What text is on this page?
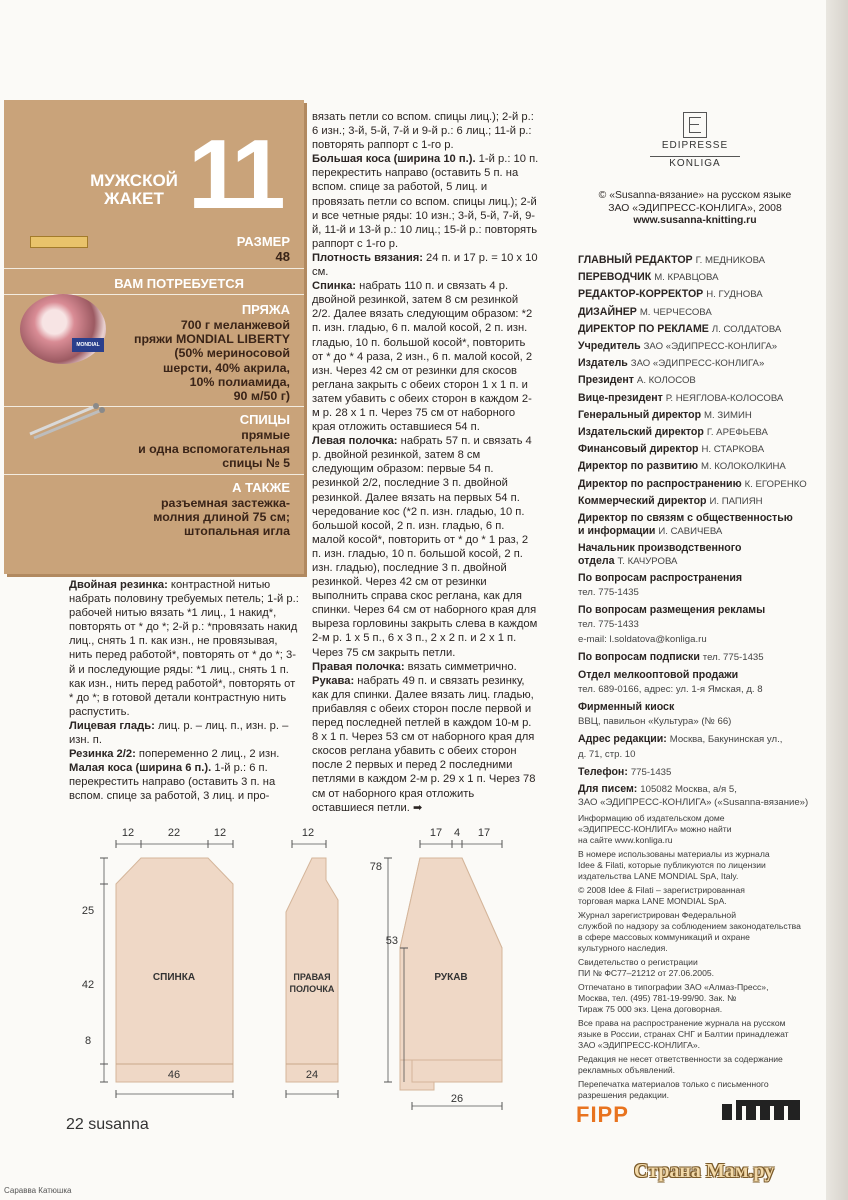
МУЖСКОЙ
ЖАКЕТ 11
РАЗМЕР
48
ВАМ ПОТРЕБУЕТСЯ
MONDIAL
ПРЯЖА
700 г меланжевой
пряжи MONDIAL LIBERTY
(50% мериносовой
шерсти, 40% акрила,
10% полиамида,
90 м/50 г)
СПИЦЫ
прямые
и одна вспомогательная
спицы № 5
А ТАКЖЕ
разъемная застежка-
молния длиной 75 см;
штопальная игла

Двойная резинка: контрастной нитью набрать половину требуемых петель; 1-й р.: рабочей нитью вязать *1 лиц., 1 накид*, повторять от * до *; 2-й р.: *провязать накид лиц., снять 1 п. как изн., не провязывая, нить перед работой*, повторять от * до *; 3-й и последующие ряды: *1 лиц., снять 1 п. как изн., нить перед работой*, повторять от * до *; в готовой детали контрастную нить распустить.

Лицевая гладь: лиц. р. – лиц. п., изн. р. – изн. п.

Резинка 2/2: попеременно 2 лиц., 2 изн.

Малая коса (ширина 6 п.). 1-й р.: 6 п. перекрестить направо (оставить 3 п. на вспом. спице за работой, 3 лиц. и про-

вязать петли со вспом. спицы лиц.); 2-й р.: 6 изн.; 3-й, 5-й, 7-й и 9-й р.: 6 лиц.; 11-й р.: повторять раппорт с 1-го р.

Большая коса (ширина 10 п.). 1-й р.: 10 п. перекрестить направо (оставить 5 п. на вспом. спице за работой, 5 лиц. и провязать петли со вспом. спицы лиц.); 2-й и все четные ряды: 10 изн.; 3-й, 5-й, 7-й, 9-й, 11-й и 13-й р.: 10 лиц.; 15-й р.: повторять раппорт с 1-го р.

Плотность вязания: 24 п. и 17 р. = 10 x 10 см.

Спинка: набрать 110 п. и связать 4 р. двойной резинкой, затем 8 см резинкой 2/2. Далее вязать следующим образом: *2 п. изн. гладью, 6 п. малой косой, 2 п. изн. гладью, 10 п. большой косой*, повторить от * до * 4 раза, 2 изн., 6 п. малой косой, 2 изн. Через 42 см от резинки для скосов реглана закрыть с обеих сторон 1 x 1 п. и затем убавить с обеих сторон в каждом 2-м р. 28 x 1 п. Через 75 см от наборного края отложить оставшиеся 54 п.

Левая полочка: набрать 57 п. и связать 4 р. двойной резинкой, затем 8 см следующим образом: первые 54 п. резинкой 2/2, последние 3 п. двойной резинкой. Далее вязать на первых 54 п. чередование кос (*2 п. изн. гладью, 10 п. большой косой, 2 п. изн. гладью, 6 п. малой косой*, повторить от * до * 1 раз, 2 п. изн. гладью, 10 п. большой косой, 2 п. изн. гладью), последние 3 п. двойной резинкой. Через 42 см от резинки выполнить справа скос реглана, как для спинки. Через 64 см от наборного края для выреза горловины закрыть слева в каждом 2-м р. 1 x 5 п., 6 x 3 п., 2 x 2 п. и 2 x 1 п. Через 75 см закрыть петли.

Правая полочка: вязать симметрично.

Рукава: набрать 49 п. и связать резинку, как для спинки. Далее вязать лиц. гладью, прибавляя с обеих сторон после первой и перед последней петлей в каждом 10-м р. 8 x 1 п. Через 53 см от наборного края для скосов реглана убавить с обеих сторон после 2 первых и перед 2 последними петлями в каждом 2-м р. 29 x 1 п. Через 78 см от наборного края отложить оставшиеся петли. ➡

EDIPRESSE
KONLIGA
© «Susanna-вязание» на русском языке
ЗАО «ЭДИПРЕСС-КОНЛИГА», 2008
www.susanna-knitting.ru
ГЛАВНЫЙ РЕДАКТОР Г. МЕДНИКОВА
ПЕРЕВОДЧИК М. КРАВЦОВА
РЕДАКТОР-КОРРЕКТОР Н. ГУДНОВА
ДИЗАЙНЕР М. ЧЕРЧЕСОВА
ДИРЕКТОР ПО РЕКЛАМЕ Л. СОЛДАТОВА
Учредитель ЗАО «ЭДИПРЕСС-КОНЛИГА»
Издатель ЗАО «ЭДИПРЕСС-КОНЛИГА»
Президент А. КОЛОСОВ
Вице-президент Р. НЕЯГЛОВА-КОЛОСОВА
Генеральный директор М. ЗИМИН
Издательский директор Г. АРЕФЬЕВА
Финансовый директор Н. СТАРКОВА
Директор по развитию М. КОЛОКОЛКИНА
Директор по распространению К. ЕГОРЕНКО
Коммерческий директор И. ПАПИЯН
Директор по связям с общественностью
и информации И. САВИЧЕВА
Начальник производственного
отдела Т. КАЧУРОВА
По вопросам распространения
тел. 775-1435
По вопросам размещения рекламы
тел. 775-1433
e-mail: l.soldatova@konliga.ru
По вопросам подписки тел. 775-1435
Отдел мелкооптовой продажи
тел. 689-0166, адрес: ул. 1-я Ямская, д. 8
Фирменный киоск
ВВЦ, павильон «Культура» (№ 66)
Адрес редакции: Москва, Бакунинская ул.,
д. 71, стр. 10
Телефон: 775-1435
Для писем: 105082 Москва, а/я 5,
ЗАО «ЭДИПРЕСС-КОНЛИГА» («Susanna-вязание»)
Информацию об издательском доме
«ЭДИПРЕСС-КОНЛИГА» можно найти
на сайте www.konliga.ru
В номере использованы материалы из журнала
Idee & Filati, которые публикуются по лицензии
издательства LANE MONDIAL SpA, Italy.
© 2008 Idee & Filati – зарегистрированная
торговая марка LANE MONDIAL SpA.
Журнал зарегистрирован Федеральной
службой по надзору за соблюдением законодательства
в сфере массовых коммуникаций и охране
культурного наследия.
Свидетельство о регистрации
ПИ № ФС77–21212 от 27.06.2005.
Отпечатано в типографии ЗАО «Алмаз-Пресс»,
Москва, тел. (495) 781-19-99/90. Зак. №
Тираж 75 000 экз. Цена договорная.
Все права на распространение журнала на русском
языке в России, странах СНГ и Балтии принадлежат
ЗАО «ЭДИПРЕСС-КОНЛИГА».
Редакция не несет ответственности за содержание
рекламных объявлений.
Перепечатка материалов только с письменного
разрешения редакции.
FIPP
СПИНКА
12	22	12
25
42
8
46
ПРАВАЯ
ПОЛОЧКА
12
24
РУКАВ
17 4 17
78
53
26
22 susanna
Страна Мам.ру
Саравва Катюшка
